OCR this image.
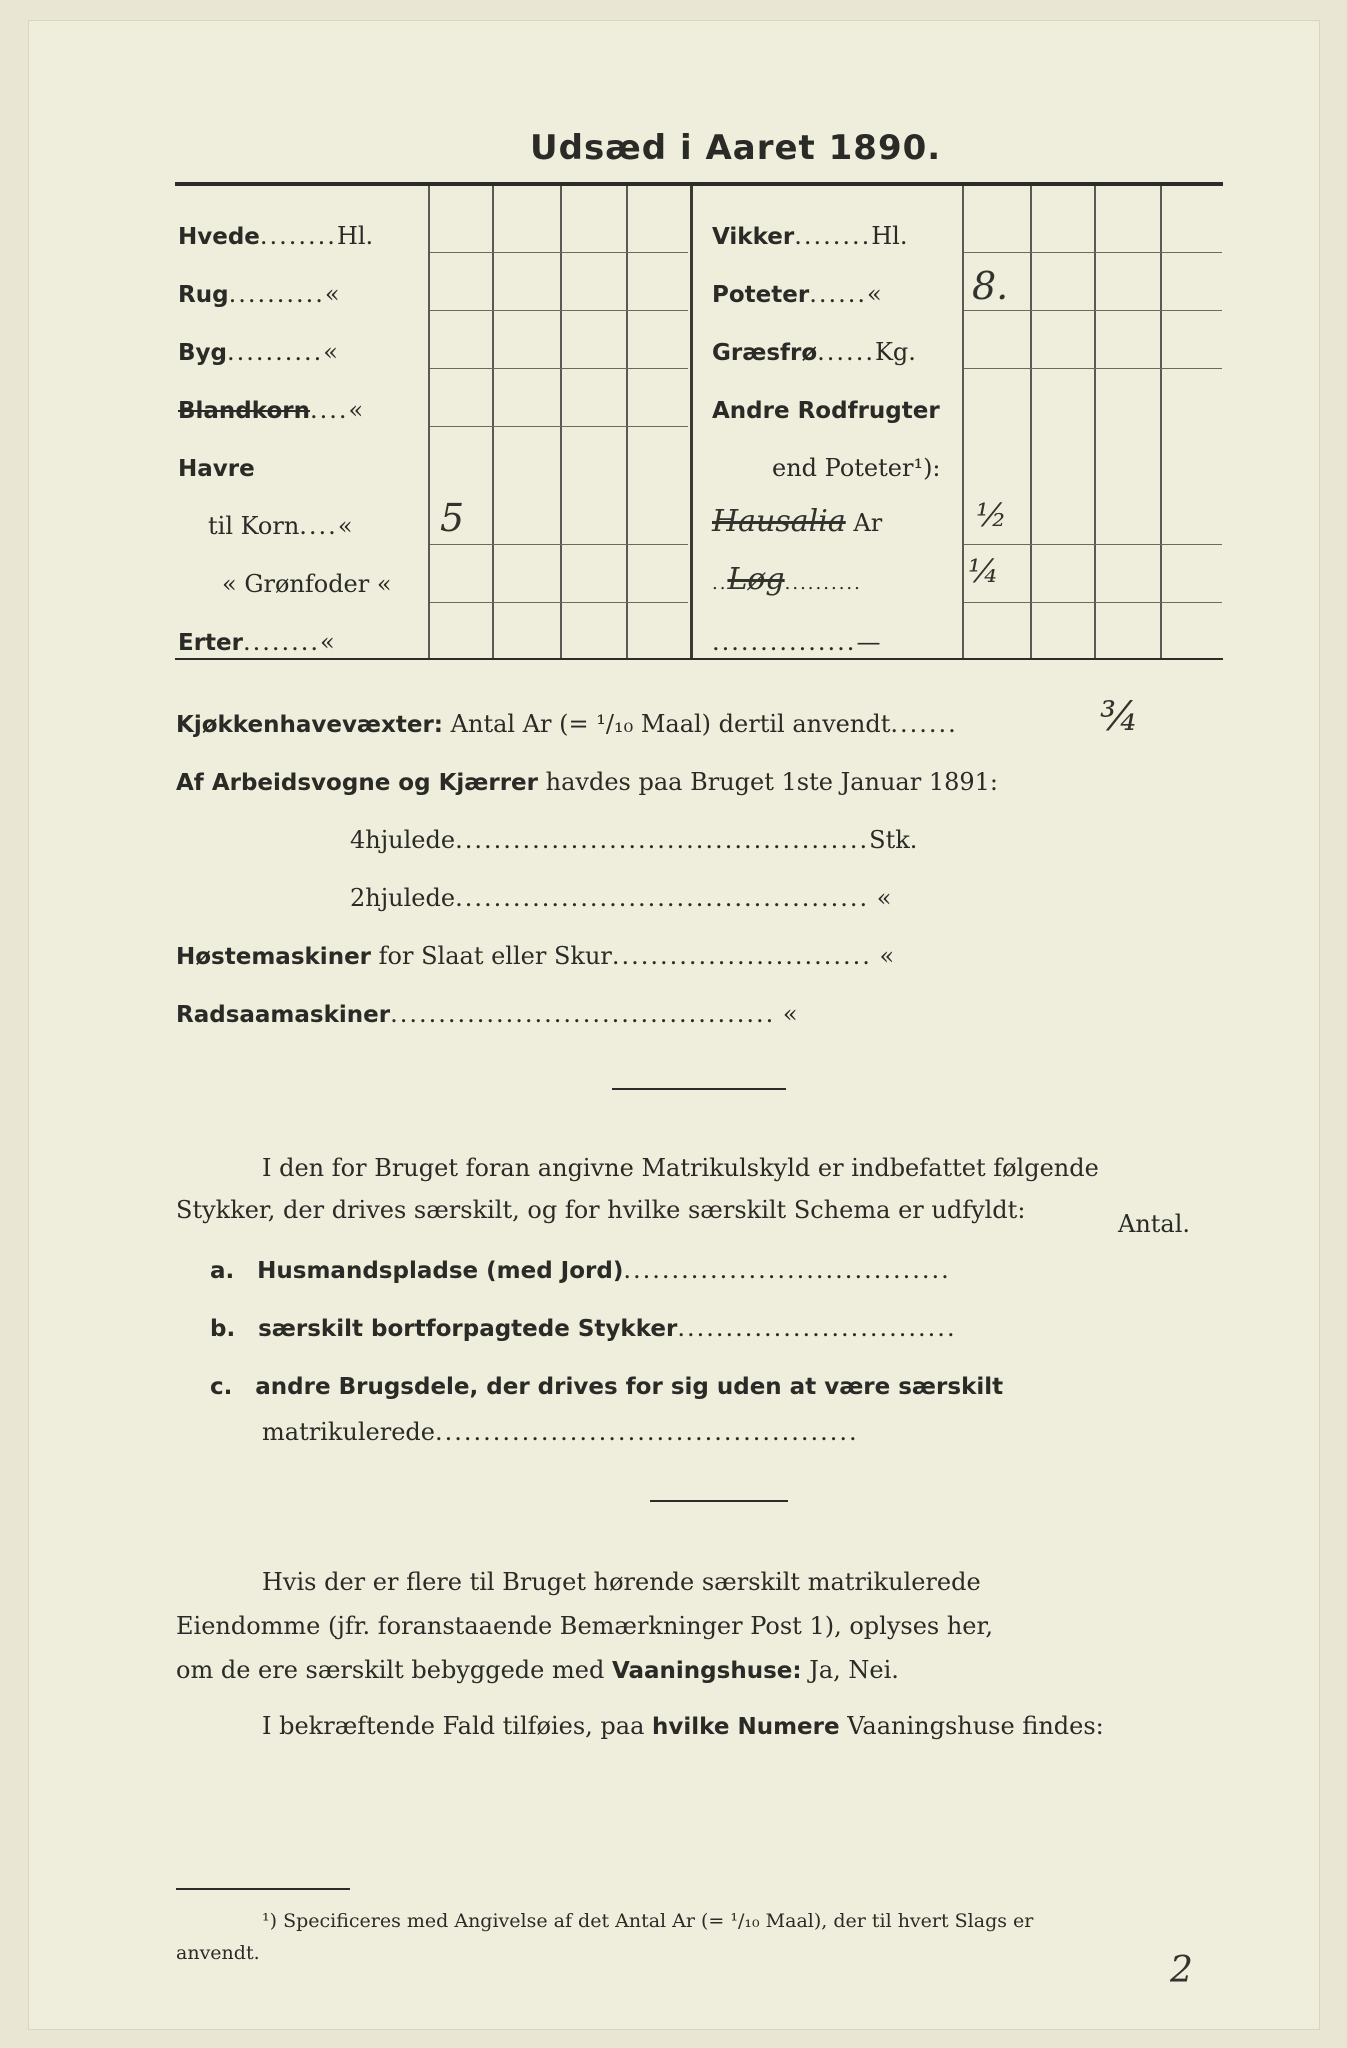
Udsæd i Aaret 1890.
Hvede........Hl.
Rug..........«
Byg..........«
Blandkorn....«
Havre
til Korn....« 5
« Grønfoder «
Erter........«
Vikker........Hl.
Poteter......« 8.
Græsfrø......Kg.
Andre Rodfrugter
end Poteter¹):
Hausalia Ar	½
..Løg..........	¼
...............—
Kjøkkenhavevæxter: Antal Ar (= ¹/₁₀ Maal) dertil anvendt.......	¾
Af Arbeidsvogne og Kjærrer havdes paa Bruget 1ste Januar 1891:
4hjulede...........................................Stk.
2hjulede........................................... «
Høstemaskiner for Slaat eller Skur........................... «
Radsaamaskiner........................................ «
I den for Bruget foran angivne Matrikulskyld er indbefattet følgende
Stykker, der drives særskilt, og for hvilke særskilt Schema er udfyldt:	Antal.
a. Husmandspladse (med Jord)..................................
b. særskilt bortforpagtede Stykker.............................
c. andre Brugsdele, der drives for sig uden at være særskilt
matrikulerede............................................
Hvis der er flere til Bruget hørende særskilt matrikulerede
Eiendomme (jfr. foranstaaende Bemærkninger Post 1), oplyses her,
om de ere særskilt bebyggede med Vaaningshuse: Ja, Nei.
I bekræftende Fald tilføies, paa hvilke Numere Vaaningshuse findes:
¹) Specificeres med Angivelse af det Antal Ar (= ¹/₁₀ Maal), der til hvert Slags er
anvendt.	2
